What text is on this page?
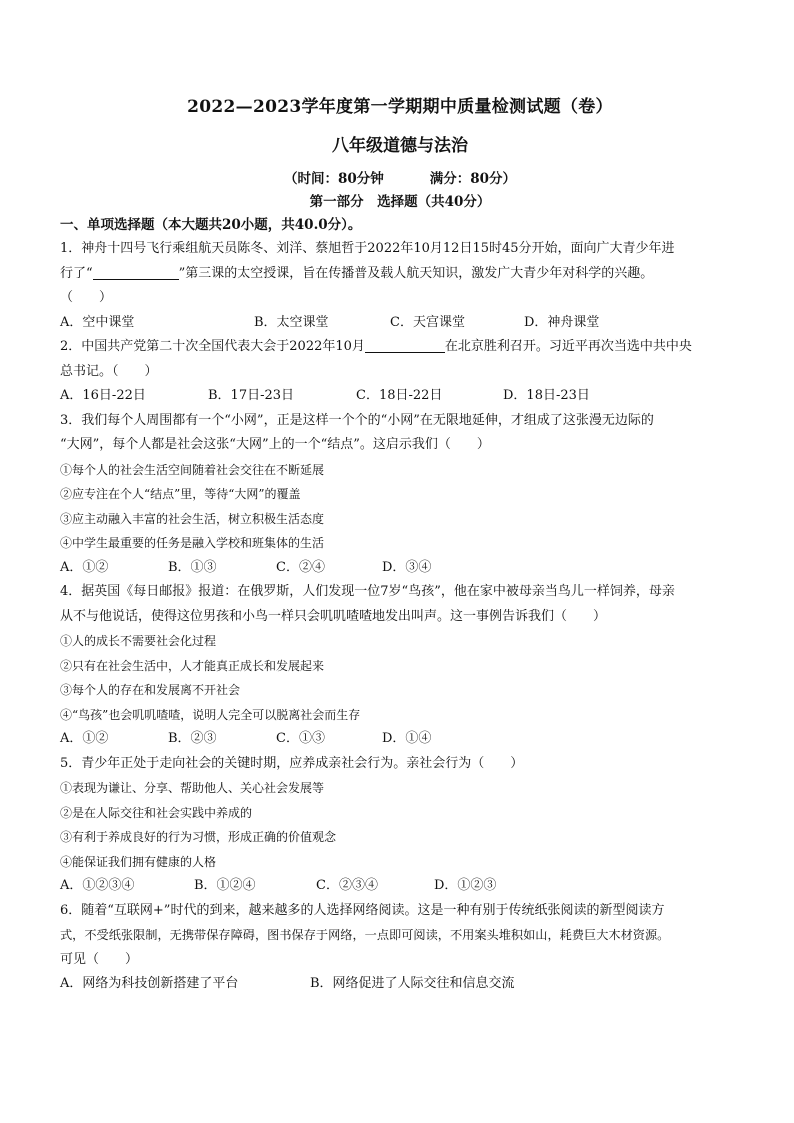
2022—2023学年度第一学期期中质量检测试题（卷）
八年级道德与法治
（时间：80分钟	满分：80分）
第一部分　选择题（共40分）
一、单项选择题（本大题共20小题，共40.0分）。
1．神舟十四号飞行乘组航天员陈冬、刘洋、蔡旭哲于2022年10月12日15时45分开始，面向广大青少年进
行了“	”第三课的太空授课，旨在传播普及载人航天知识，激发广大青少年对科学的兴趣。
（　　）
A．空中课堂	B．太空课堂	C．天宫课堂	D．神舟课堂
2．中国共产党第二十次全国代表大会于2022年10月	在北京胜利召开。习近平再次当选中共中央
总书记。（　　）
A．16日-22日	B．17日-23日	C．18日-22日	D．18日-23日
3．我们每个人周围都有一个“小网”，正是这样一个个的“小网”在无限地延伸，才组成了这张漫无边际的
“大网”，每个人都是社会这张“大网”上的一个“结点”。这启示我们（　　）
①每个人的社会生活空间随着社会交往在不断延展
②应专注在个人“结点”里，等待“大网”的覆盖
③应主动融入丰富的社会生活，树立积极生活态度
④中学生最重要的任务是融入学校和班集体的生活
A．①②	B．①③	C．②④	D．③④
4．据英国《每日邮报》报道：在俄罗斯，人们发现一位7岁“鸟孩”，他在家中被母亲当鸟儿一样饲养，母亲
从不与他说话，使得这位男孩和小鸟一样只会叽叽喳喳地发出叫声。这一事例告诉我们（　　）
①人的成长不需要社会化过程
②只有在社会生活中，人才能真正成长和发展起来
③每个人的存在和发展离不开社会
④“鸟孩”也会叽叽喳喳，说明人完全可以脱离社会而生存
A．①②	B．②③	C．①③	D．①④
5．青少年正处于走向社会的关键时期，应养成亲社会行为。亲社会行为（　　）
①表现为谦让、分享、帮助他人、关心社会发展等
②是在人际交往和社会实践中养成的
③有利于养成良好的行为习惯，形成正确的价值观念
④能保证我们拥有健康的人格
A．①②③④	B．①②④	C．②③④	D．①②③
6．随着“互联网+”时代的到来，越来越多的人选择网络阅读。这是一种有别于传统纸张阅读的新型阅读方
式，不受纸张限制，无携带保存障碍，图书保存于网络，一点即可阅读，不用案头堆积如山，耗费巨大木材资源。
可见（　　）
A．网络为科技创新搭建了平台	B．网络促进了人际交往和信息交流
